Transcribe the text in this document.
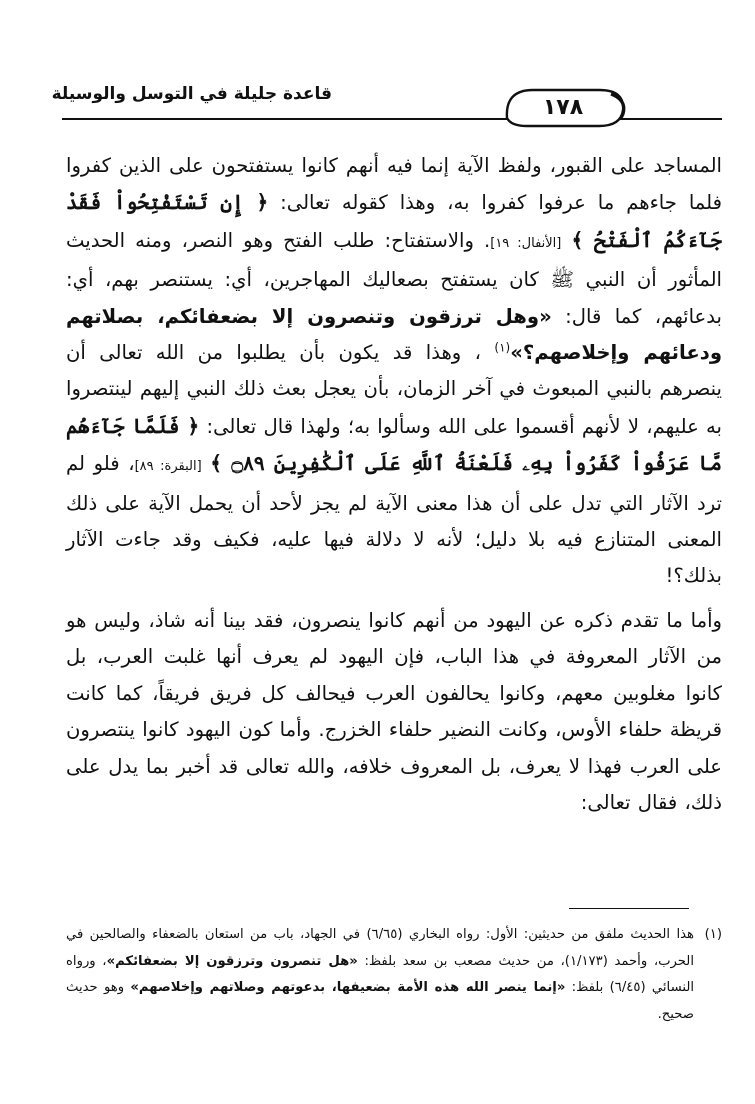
قاعدة جليلة في التوسل والوسيلة
١٧٨

المساجد على القبور، ولفظ الآية إنما فيه أنهم كانوا يستفتحون على الذين كفروا فلما جاءهم ما عرفوا كفروا به، وهذا كقوله تعالى: ﴿ إِن تَسْتَفْتِحُواْ فَقَدْ جَآءَكُمُ ٱلْفَتْحُ ﴾ [الأنفال: ١٩]. والاستفتاح: طلب الفتح وهو النصر، ومنه الحديث المأثور أن النبي ﷺ كان يستفتح بصعاليك المهاجرين، أي: يستنصر بهم، أي: بدعائهم، كما قال: «وهل ترزقون وتنصرون إلا بضعفائكم، بصلاتهم ودعائهم وإخلاصهم؟»$^{(١)}$ ، وهذا قد يكون بأن يطلبوا من الله تعالى أن ينصرهم بالنبي المبعوث في آخر الزمان، بأن يعجل بعث ذلك النبي إليهم لينتصروا به عليهم، لا لأنهم أقسموا على الله وسألوا به؛ ولهذا قال تعالى: ﴿ فَلَمَّا جَآءَهُم مَّا عَرَفُواْ كَفَرُواْ بِهِۦ فَلَعْنَةُ ٱللَّهِ عَلَى ٱلْكَٰفِرِينَ ۝٨٩ ﴾ [البقرة: ٨٩]، فلو لم ترد الآثار التي تدل على أن هذا معنى الآية لم يجز لأحد أن يحمل الآية على ذلك المعنى المتنازع فيه بلا دليل؛ لأنه لا دلالة فيها عليه، فكيف وقد جاءت الآثار بذلك؟!

وأما ما تقدم ذكره عن اليهود من أنهم كانوا ينصرون، فقد بينا أنه شاذ، وليس هو من الآثار المعروفة في هذا الباب، فإن اليهود لم يعرف أنها غلبت العرب، بل كانوا مغلوبين معهم، وكانوا يحالفون العرب فيحالف كل فريق فريقاً، كما كانت قريظة حلفاء الأوس، وكانت النضير حلفاء الخزرج. وأما كون اليهود كانوا ينتصرون على العرب فهذا لا يعرف، بل المعروف خلافه، والله تعالى قد أخبر بما يدل على ذلك، فقال تعالى:

(١)
هذا الحديث ملفق من حديثين: الأول: رواه البخاري (٦/٦٥) في الجهاد، باب من استعان بالضعفاء والصالحين في الحرب، وأحمد (١/١٧٣)، من حديث مصعب بن سعد بلفظ: «هل تنصرون وترزقون إلا بضعفائكم»، ورواه النسائي (٦/٤٥) بلفظ: «إنما ينصر الله هذه الأمة بضعيفها، بدعوتهم وصلاتهم وإخلاصهم» وهو حديث صحيح.
